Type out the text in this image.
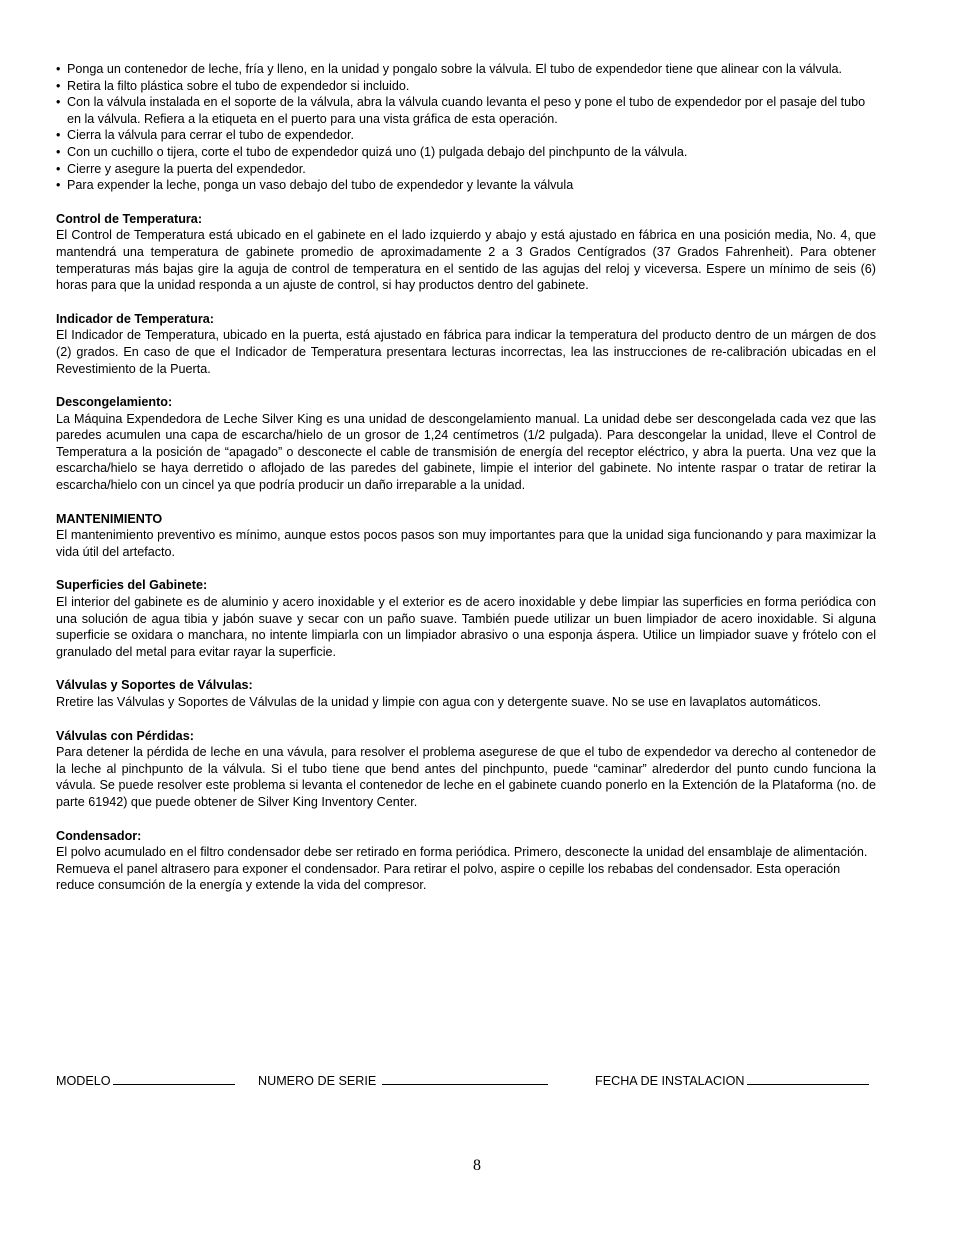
• Ponga un contenedor de leche, fría y lleno, en la unidad y pongalo sobre la válvula. El tubo de expendedor tiene que alinear con la válvula.
• Retira la filto plástica sobre el tubo de expendedor si incluido.
• Con la válvula instalada en el soporte de la válvula, abra la válvula cuando levanta el peso y pone el tubo de expendedor por el pasaje del tubo en la válvula. Refiera a la etiqueta en el puerto para una vista gráfica de esta operación.
• Cierra la válvula para cerrar el tubo de expendedor.
• Con un cuchillo o tijera, corte el tubo de expendedor quizá uno (1) pulgada debajo del pinchpunto de la válvula.
• Cierre y asegure la puerta del expendedor.
• Para expender la leche, ponga un vaso debajo del tubo de expendedor y levante la válvula
Control de Temperatura:

El Control de Temperatura está ubicado en el gabinete en el lado izquierdo y abajo y está ajustado en fábrica en una posición media, No. 4, que mantendrá una temperatura de gabinete promedio de aproximadamente 2 a 3 Grados Centígrados (37 Grados Fahrenheit). Para obtener temperaturas más bajas gire la aguja de control de temperatura en el sentido de las agujas del reloj y viceversa. Espere un mínimo de seis (6) horas para que la unidad responda a un ajuste de control, si hay productos dentro del gabinete.

Indicador de Temperatura:

El Indicador de Temperatura, ubicado en la puerta, está ajustado en fábrica para indicar la temperatura del producto dentro de un márgen de dos (2) grados. En caso de que el Indicador de Temperatura presentara lecturas incorrectas, lea las instrucciones de re-calibración ubicadas en el Revestimiento de la Puerta.

Descongelamiento:

La Máquina Expendedora de Leche Silver King es una unidad de descongelamiento manual. La unidad debe ser descongelada cada vez que las paredes acumulen una capa de escarcha/hielo de un grosor de 1,24 centímetros (1/2 pulgada). Para descongelar la unidad, lleve el Control de Temperatura a la posición de “apagado” o desconecte el cable de transmisión de energía del receptor eléctrico, y abra la puerta. Una vez que la escarcha/hielo se haya derretido o aflojado de las paredes del gabinete, limpie el interior del gabinete. No intente raspar o tratar de retirar la escarcha/hielo con un cincel ya que podría producir un daño irreparable a la unidad.

MANTENIMIENTO

El mantenimiento preventivo es mínimo, aunque estos pocos pasos son muy importantes para que la unidad siga funcionando y para maximizar la vida útil del artefacto.

Superficies del Gabinete:

El interior del gabinete es de aluminio y acero inoxidable y el exterior es de acero inoxidable y debe limpiar las superficies en forma periódica con una solución de agua tibia y jabón suave y secar con un paño suave. También puede utilizar un buen limpiador de acero inoxidable. Si alguna superficie se oxidara o manchara, no intente limpiarla con un limpiador abrasivo o una esponja áspera. Utilice un limpiador suave y frótelo con el granulado del metal para evitar rayar la superficie.

Válvulas y Soportes de Válvulas:

Rretire las Válvulas y Soportes de Válvulas de la unidad y limpie con agua con y detergente suave. No se use en lavaplatos automáticos.

Válvulas con Pérdidas:

Para detener la pérdida de leche en una vávula, para resolver el problema asegurese de que el tubo de expendedor va derecho al contenedor de la leche al pinchpunto de la válvula. Si el tubo tiene que bend antes del pinchpunto, puede “caminar” alrederdor del punto cundo funciona la vávula. Se puede resolver este problema si levanta el contenedor de leche en el gabinete cuando ponerlo en la Extención de la Plataforma (no. de parte 61942) que puede obtener de Silver King Inventory Center.

Condensador:

El polvo acumulado en el filtro condensador debe ser retirado en forma periódica. Primero, desconecte la unidad del ensamblaje de alimentación. Remueva el panel altrasero para exponer el condensador. Para retirar el polvo, aspire o cepille los rebabas del condensador. Esta operación reduce consumción de la energía y extende la vida del compresor.

MODELO	NUMERO DE SERIE	FECHA DE INSTALACION
8
